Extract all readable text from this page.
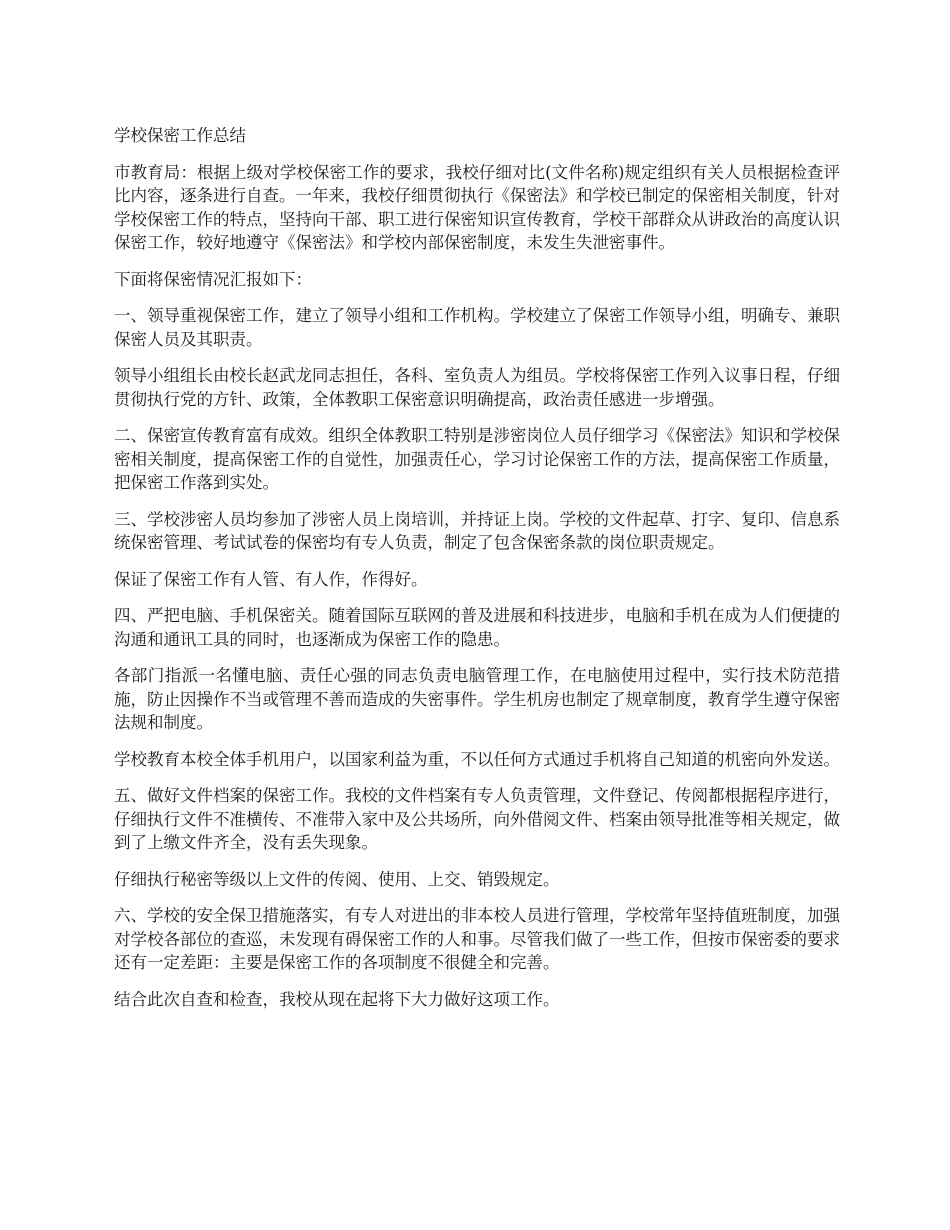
学校保密工作总结

市教育局：根据上级对学校保密工作的要求，我校仔细对比(文件名称)规定组织有关人员根据检查评比内容，逐条进行自查。一年来，我校仔细贯彻执行《保密法》和学校已制定的保密相关制度，针对学校保密工作的特点，坚持向干部、职工进行保密知识宣传教育，学校干部群众从讲政治的高度认识保密工作，较好地遵守《保密法》和学校内部保密制度，未发生失泄密事件。

下面将保密情况汇报如下：

一、领导重视保密工作，建立了领导小组和工作机构。学校建立了保密工作领导小组，明确专、兼职保密人员及其职责。

领导小组组长由校长赵武龙同志担任，各科、室负责人为组员。学校将保密工作列入议事日程，仔细贯彻执行党的方针、政策，全体教职工保密意识明确提高，政治责任感进一步增强。

二、保密宣传教育富有成效。组织全体教职工特别是涉密岗位人员仔细学习《保密法》知识和学校保密相关制度，提高保密工作的自觉性，加强责任心，学习讨论保密工作的方法，提高保密工作质量，把保密工作落到实处。

三、学校涉密人员均参加了涉密人员上岗培训，并持证上岗。学校的文件起草、打字、复印、信息系统保密管理、考试试卷的保密均有专人负责，制定了包含保密条款的岗位职责规定。

保证了保密工作有人管、有人作，作得好。

四、严把电脑、手机保密关。随着国际互联网的普及进展和科技进步，电脑和手机在成为人们便捷的沟通和通讯工具的同时，也逐渐成为保密工作的隐患。

各部门指派一名懂电脑、责任心强的同志负责电脑管理工作，在电脑使用过程中，实行技术防范措施，防止因操作不当或管理不善而造成的失密事件。学生机房也制定了规章制度，教育学生遵守保密法规和制度。

学校教育本校全体手机用户，以国家利益为重，不以任何方式通过手机将自己知道的机密向外发送。

五、做好文件档案的保密工作。我校的文件档案有专人负责管理，文件登记、传阅都根据程序进行，仔细执行文件不准横传、不准带入家中及公共场所，向外借阅文件、档案由领导批准等相关规定，做到了上缴文件齐全，没有丢失现象。

仔细执行秘密等级以上文件的传阅、使用、上交、销毁规定。

六、学校的安全保卫措施落实，有专人对进出的非本校人员进行管理，学校常年坚持值班制度，加强对学校各部位的查巡，未发现有碍保密工作的人和事。尽管我们做了一些工作，但按市保密委的要求还有一定差距：主要是保密工作的各项制度不很健全和完善。

结合此次自查和检查，我校从现在起将下大力做好这项工作。
